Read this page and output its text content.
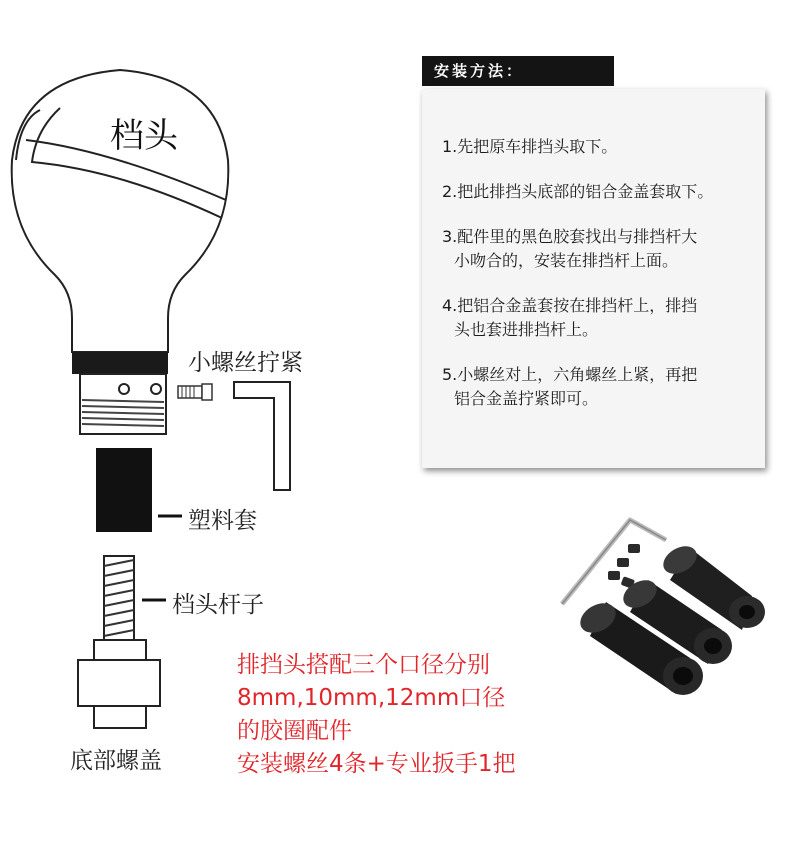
档头
小螺丝拧紧
塑料套
档头杆子
底部螺盖
1.先把原车排挡头取下。
2.把此排挡头底部的铝合金盖套取下。
3.配件里的黑色胶套找出与排挡杆大
小吻合的，安装在排挡杆上面。
4.把铝合金盖套按在排挡杆上，排挡
头也套进排挡杆上。
5.小螺丝对上，六角螺丝上紧，再把
铝合金盖拧紧即可。
安装方法：
排挡头搭配三个口径分别
8mm,10mm,12mm口径
的胶圈配件
安装螺丝4条+专业扳手1把
